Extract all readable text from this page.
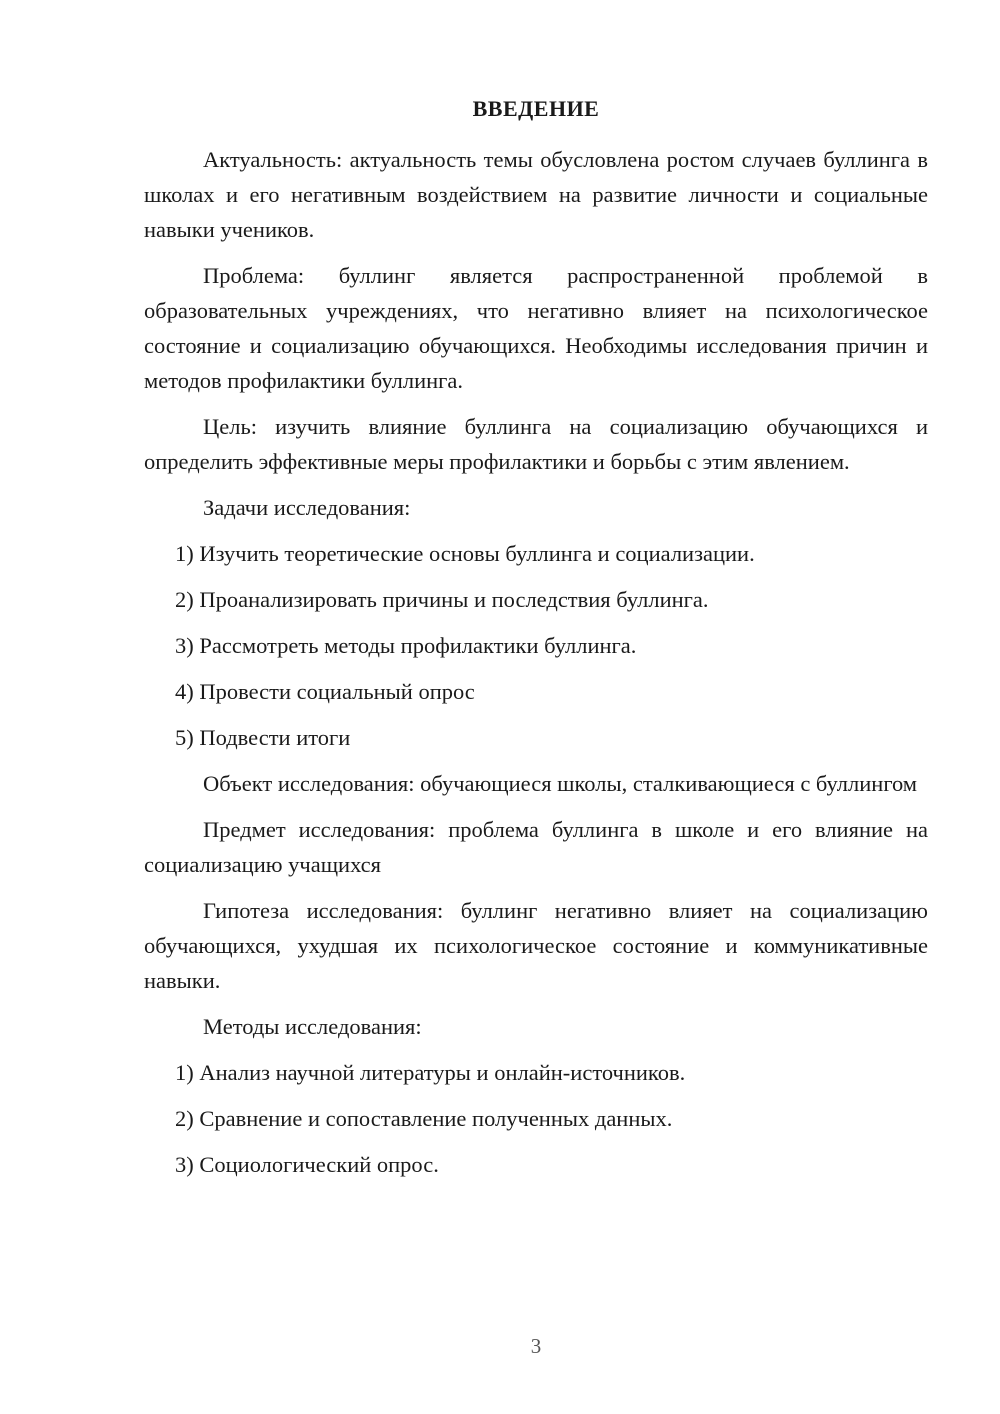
ВВЕДЕНИЕ

Актуальность: актуальность темы обусловлена ростом случаев буллинга в школах и его негативным воздействием на развитие личности и социальные навыки учеников.

Проблема: буллинг является распространенной проблемой в образовательных учреждениях, что негативно влияет на психологическое состояние и социализацию обучающихся. Необходимы исследования причин и методов профилактики буллинга.

Цель: изучить влияние буллинга на социализацию обучающихся и определить эффективные меры профилактики и борьбы с этим явлением.

Задачи исследования:

1) Изучить теоретические основы буллинга и социализации.
2) Проанализировать причины и последствия буллинга.
3) Рассмотреть методы профилактики буллинга.
4) Провести социальный опрос
5) Подвести итоги

Объект исследования: обучающиеся школы, сталкивающиеся с буллингом

Предмет исследования: проблема буллинга в школе и его влияние на социализацию учащихся

Гипотеза исследования: буллинг негативно влияет на социализацию обучающихся, ухудшая их психологическое состояние и коммуникативные навыки.

Методы исследования:

1) Анализ научной литературы и онлайн-источников.
2) Сравнение и сопоставление полученных данных.
3) Социологический опрос.
3
